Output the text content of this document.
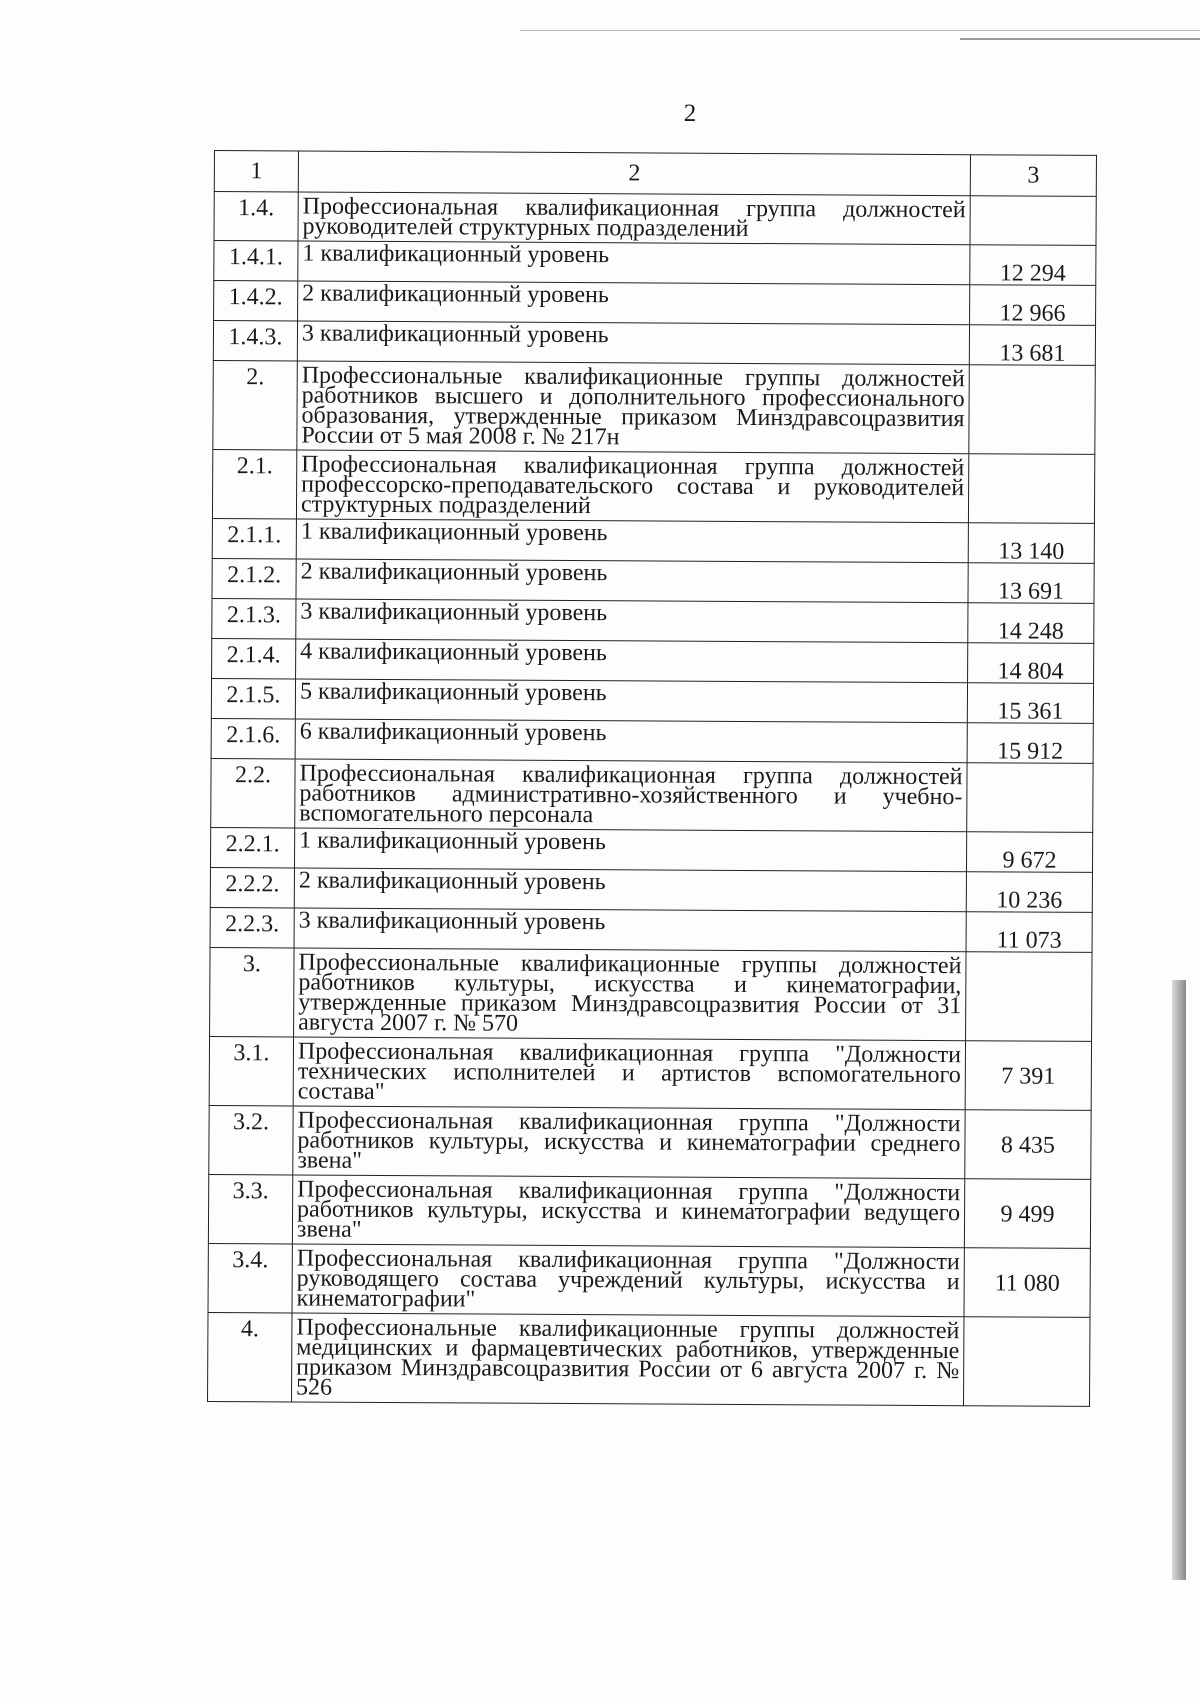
2
1	2	3
1.4.	Профессиональная квалификационная группа должностей руководителей структурных подразделений	
1.4.1.	1 квалификационный уровень	12 294
1.4.2.	2 квалификационный уровень	12 966
1.4.3.	3 квалификационный уровень	13 681
2.	Профессиональные квалификационные группы должностей работников высшего и дополнительного профессионального образования, утвержденные приказом Минздравсоцразвития России от 5 мая 2008 г. № 217н	
2.1.	Профессиональная квалификационная группа должностей профессорско-преподавательского состава и руководителей структурных подразделений	
2.1.1.	1 квалификационный уровень	13 140
2.1.2.	2 квалификационный уровень	13 691
2.1.3.	3 квалификационный уровень	14 248
2.1.4.	4 квалификационный уровень	14 804
2.1.5.	5 квалификационный уровень	15 361
2.1.6.	6 квалификационный уровень	15 912
2.2.	Профессиональная квалификационная группа должностей работников административно-хозяйственного и учебно-вспомогательного персонала	
2.2.1.	1 квалификационный уровень	9 672
2.2.2.	2 квалификационный уровень	10 236
2.2.3.	3 квалификационный уровень	11 073
3.	Профессиональные квалификационные группы должностей работников культуры, искусства и кинематографии, утвержденные приказом Минздравсоцразвития России от 31 августа 2007 г. № 570	
3.1.	Профессиональная квалификационная группа "Должности технических исполнителей и артистов вспомогательного состава"	7 391
3.2.	Профессиональная квалификационная группа "Должности работников культуры, искусства и кинематографии среднего звена"	8 435
3.3.	Профессиональная квалификационная группа "Должности работников культуры, искусства и кинематографии ведущего звена"	9 499
3.4.	Профессиональная квалификационная группа "Должности руководящего состава учреждений культуры, искусства и кинематографии"	11 080
4.	Профессиональные квалификационные группы должностей медицинских и фармацевтических работников, утвержденные приказом Минздравсоцразвития России от 6 августа 2007 г. № 526	
